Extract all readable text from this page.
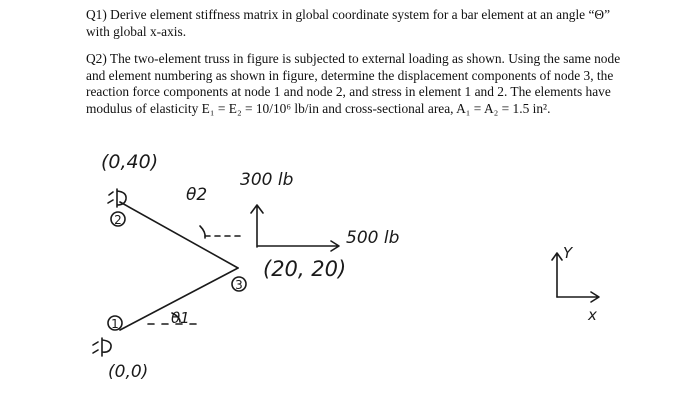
Q1) Derive element stiffness matrix in global coordinate system for a bar element at an angle “Θ” with global x-axis.

Q2) The two-element truss in figure is subjected to external loading as shown. Using the same node and element numbering as shown in figure, determine the displacement components of node 3, the reaction force components at node 1 and node 2, and stress in element 1 and 2. The elements have modulus of elasticity E₁ = E₂ = 10/10⁶ lb/in and cross-sectional area, A₁ = A₂ = 1.5 in².

2
1
3
(0,40)
θ2
300 lb
500 lb
(20, 20)
θ1
(0,0)
Y
x
